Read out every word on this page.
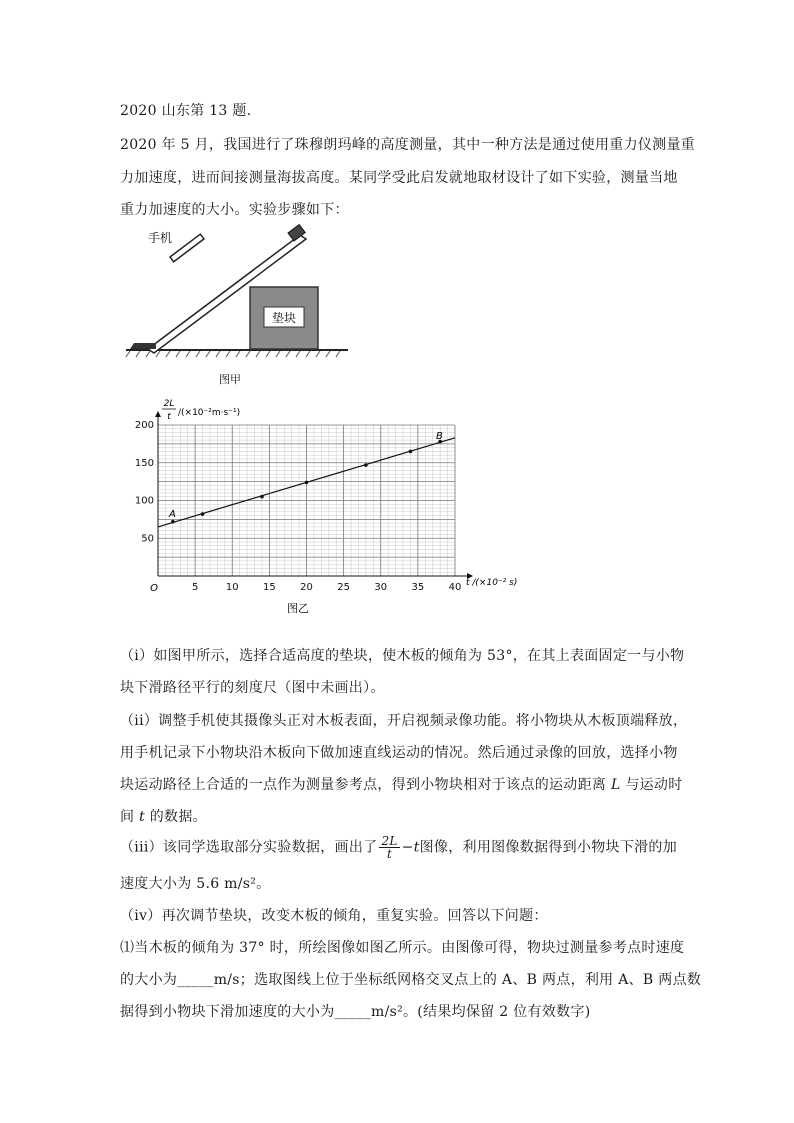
2020 山东第 13 题.
2020 年 5 月，我国进行了珠穆朗玛峰的高度测量，其中一种方法是通过使用重力仪测量重
力加速度，进而间接测量海拔高度。某同学受此启发就地取材设计了如下实验，测量当地
重力加速度的大小。实验步骤如下：
垫块
手机
图甲
5	10 15 20 25 30 35 40
50
100
150
200
O
2L
t /(×10⁻²m·s⁻¹)
t /(×10⁻² s)
A
B
图乙
（i）如图甲所示，选择合适高度的垫块，使木板的倾角为 53°，在其上表面固定一与小物
块下滑路径平行的刻度尺（图中未画出）。
（ii）调整手机使其摄像头正对木板表面，开启视频录像功能。将小物块从木板顶端释放，
用手机记录下小物块沿木板向下做加速直线运动的情况。然后通过录像的回放，选择小物
块运动路径上合适的一点作为测量参考点，得到小物块相对于该点的运动距离 L 与运动时
间 t 的数据。
（iii）该同学选取部分实验数据，画出了 $\frac{2L}{t} -t$图像，利用图像数据得到小物块下滑的加
速度大小为 5.6 m/s²。
（iv）再次调节垫块，改变木板的倾角，重复实验。回答以下问题：
⑴当木板的倾角为 37° 时，所绘图像如图乙所示。由图像可得，物块过测量参考点时速度
的大小为_____m/s；选取图线上位于坐标纸网格交叉点上的 A、B 两点，利用 A、B 两点数
据得到小物块下滑加速度的大小为_____m/s²。(结果均保留 2 位有效数字)
